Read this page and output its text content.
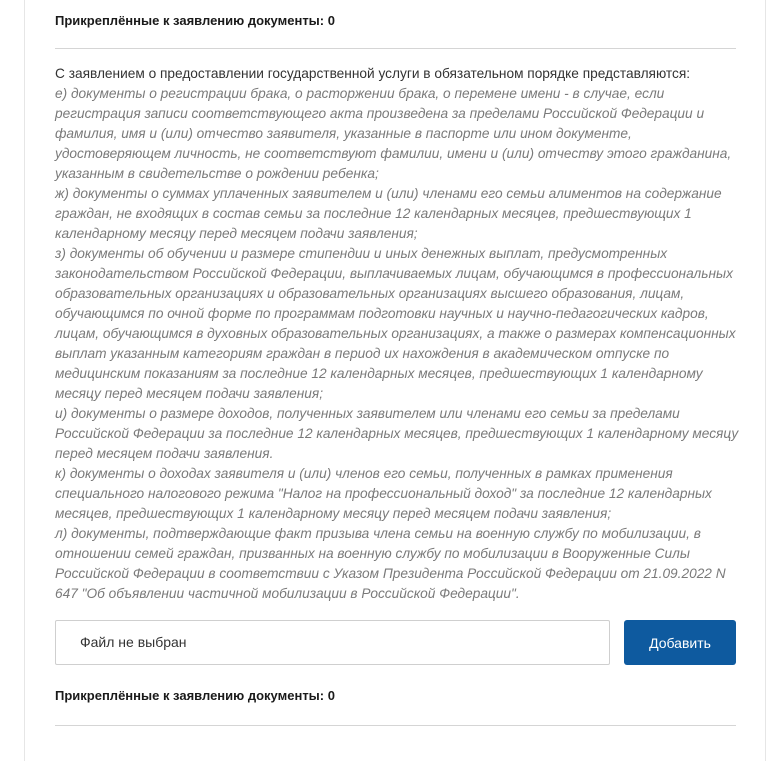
Прикреплённые к заявлению документы: 0
С заявлением о предоставлении государственной услуги в обязательном порядке представляются:
е) документы о регистрации брака, о расторжении брака, о перемене имени - в случае, если регистрация записи соответствующего акта произведена за пределами Российской Федерации и фамилия, имя и (или) отчество заявителя, указанные в паспорте или ином документе, удостоверяющем личность, не соответствуют фамилии, имени и (или) отчеству этого гражданина, указанным в свидетельстве о рождении ребенка;
ж) документы о суммах уплаченных заявителем и (или) членами его семьи алиментов на содержание граждан, не входящих в состав семьи за последние 12 календарных месяцев, предшествующих 1 календарному месяцу перед месяцем подачи заявления;
з) документы об обучении и размере стипендии и иных денежных выплат, предусмотренных законодательством Российской Федерации, выплачиваемых лицам, обучающимся в профессиональных образовательных организациях и образовательных организациях высшего образования, лицам, обучающимся по очной форме по программам подготовки научных и научно-педагогических кадров, лицам, обучающимся в духовных образовательных организациях, а также о размерах компенсационных выплат указанным категориям граждан в период их нахождения в академическом отпуске по медицинским показаниям за последние 12 календарных месяцев, предшествующих 1 календарному месяцу перед месяцем подачи заявления;
и) документы о размере доходов, полученных заявителем или членами его семьи за пределами Российской Федерации за последние 12 календарных месяцев, предшествующих 1 календарному месяцу перед месяцем подачи заявления.
к) документы о доходах заявителя и (или) членов его семьи, полученных в рамках применения специального налогового режима "Налог на профессиональный доход" за последние 12 календарных месяцев, предшествующих 1 календарному месяцу перед месяцем подачи заявления;
л) документы, подтверждающие факт призыва члена семьи на военную службу по мобилизации, в отношении семей граждан, призванных на военную службу по мобилизации в Вооруженные Силы Российской Федерации в соответствии с Указом Президента Российской Федерации от 21.09.2022 N 647 "Об объявлении частичной мобилизации в Российской Федерации".
Файл не выбран	Добавить
Прикреплённые к заявлению документы: 0
